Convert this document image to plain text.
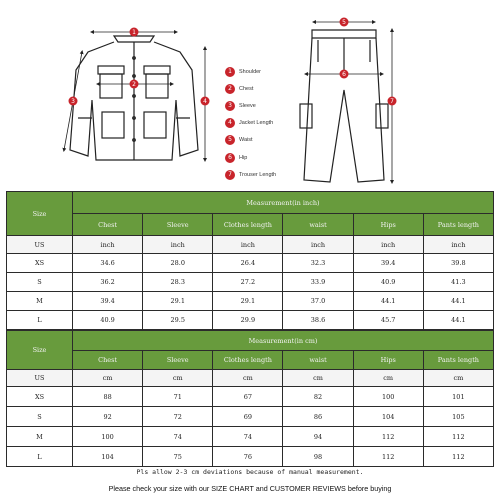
1
2
3	4
5
6
7
1	Shoulder
2	Chest
3	Sleeve
4	Jacket Length
5	Waist
6	Hip
7	Trouser Length
Size	Measurement(in inch)					
	Chest	Sleeve	Clothes length	waist	Hips	Pants length
US	inch	inch	inch	inch	inch	inch
XS	34.6	28.0	26.4	32.3	39.4	39.8
S	36.2	28.3	27.2	33.9	40.9	41.3
M	39.4	29.1	29.1	37.0	44.1	44.1
L	40.9	29.5	29.9	38.6	45.7	44.1
Size	Measurement(in cm)					
	Chest	Sleeve	Clothes length	waist	Hips	Pants length
US	cm	cm	cm	cm	cm	cm
XS	88	71	67	82	100	101
S	92	72	69	86	104	105
M	100	74	74	94	112	112
L	104	75	76	98	112	112
Pls allow 2-3 cm deviations because of manual measurement.
Please check your size with our SIZE CHART and CUSTOMER REVIEWS before buying
